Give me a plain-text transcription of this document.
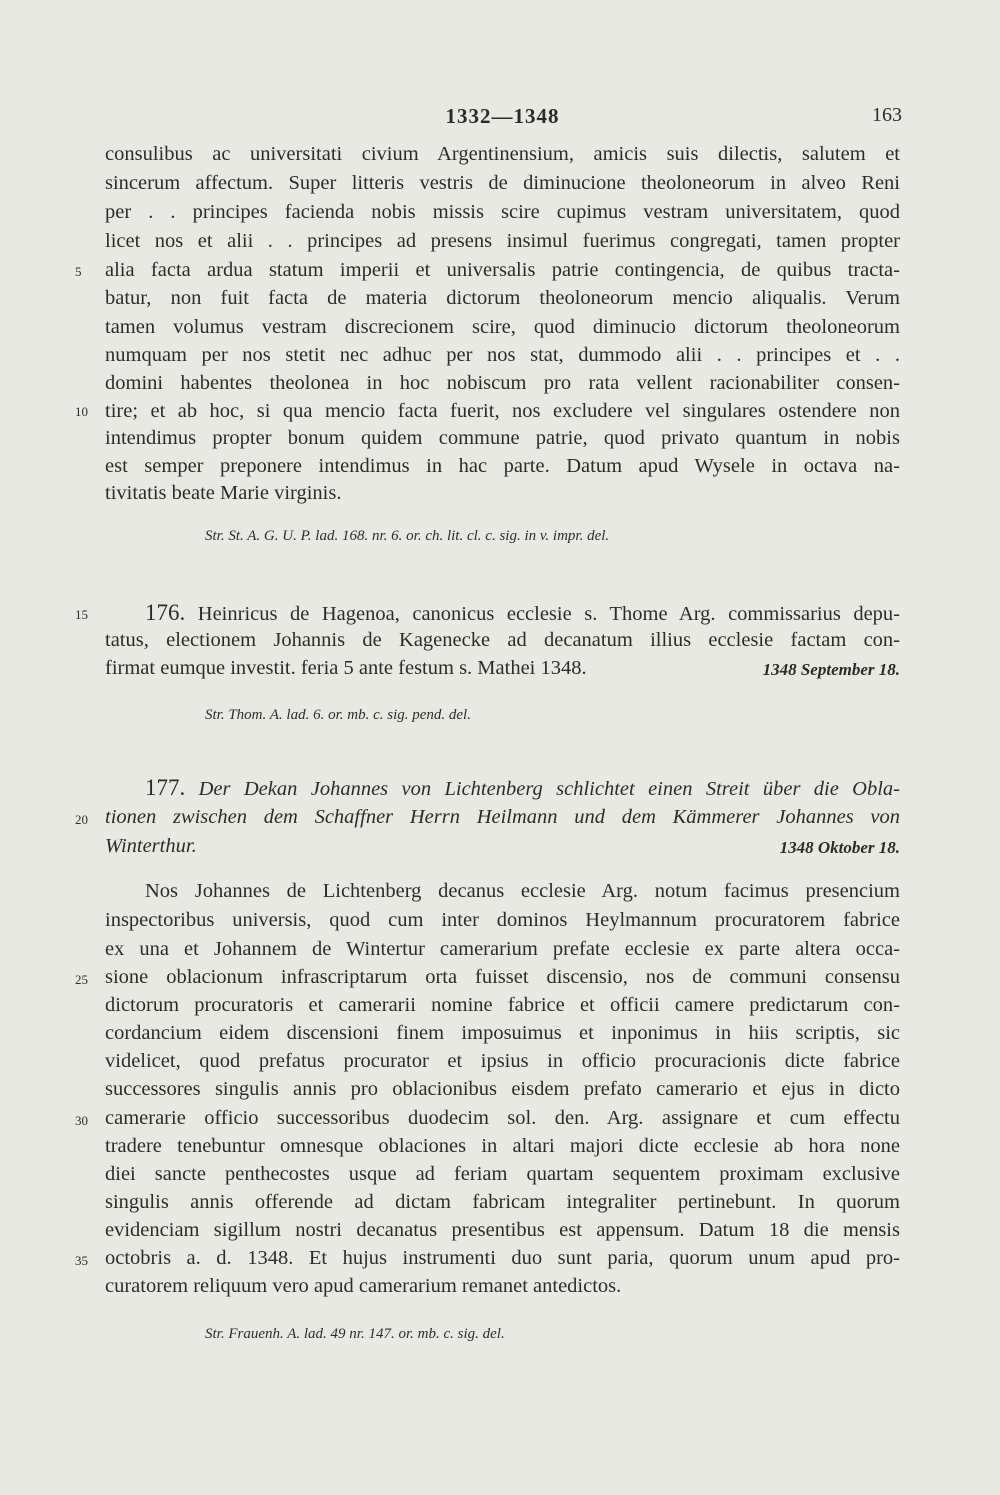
1332—1348	163
consulibus ac universitati civium Argentinensium, amicis suis dilectis, salutem et
sincerum affectum. Super litteris vestris de diminucione theoloneorum in alveo Reni
per . . principes facienda nobis missis scire cupimus vestram universitatem, quod
licet nos et alii . . principes ad presens insimul fuerimus congregati, tamen propter
alia facta ardua statum imperii et universalis patrie contingencia, de quibus tracta-
batur, non fuit facta de materia dictorum theoloneorum mencio aliqualis. Verum
tamen volumus vestram discrecionem scire, quod diminucio dictorum theoloneorum
numquam per nos stetit nec adhuc per nos stat, dummodo alii . . principes et . .
domini habentes theolonea in hoc nobiscum pro rata vellent racionabiliter consen-
tire; et ab hoc, si qua mencio facta fuerit, nos excludere vel singulares ostendere non
intendimus propter bonum quidem commune patrie, quod privato quantum in nobis
est semper preponere intendimus in hac parte. Datum apud Wysele in octava na-
tivitatis beate Marie virginis.
5
10
Str. St. A. G. U. P. lad. 168. nr. 6. or. ch. lit. cl. c. sig. in v. impr. del.
15	176. Heinricus de Hagenoa, canonicus ecclesie s. Thome Arg. commissarius depu-
tatus, electionem Johannis de Kagenecke ad decanatum illius ecclesie factam con-
firmat eumque investit. feria 5 ante festum s. Mathei 1348.	1348 September 18.
Str. Thom. A. lad. 6. or. mb. c. sig. pend. del.
177. Der Dekan Johannes von Lichtenberg schlichtet einen Streit über die Obla-
20 tionen zwischen dem Schaffner Herrn Heilmann und dem Kämmerer Johannes von
Winterthur.	1348 Oktober 18.
Nos Johannes de Lichtenberg decanus ecclesie Arg. notum facimus presencium
inspectoribus universis, quod cum inter dominos Heylmannum procuratorem fabrice
ex una et Johannem de Wintertur camerarium prefate ecclesie ex parte altera occa-
sione oblacionum infrascriptarum orta fuisset discensio, nos de communi consensu
dictorum procuratoris et camerarii nomine fabrice et officii camere predictarum con-
cordancium eidem discensioni finem imposuimus et inponimus in hiis scriptis, sic
videlicet, quod prefatus procurator et ipsius in officio procuracionis dicte fabrice
successores singulis annis pro oblacionibus eisdem prefato camerario et ejus in dicto
camerarie officio successoribus duodecim sol. den. Arg. assignare et cum effectu
tradere tenebuntur omnesque oblaciones in altari majori dicte ecclesie ab hora none
diei sancte penthecostes usque ad feriam quartam sequentem proximam exclusive
singulis annis offerende ad dictam fabricam integraliter pertinebunt. In quorum
evidenciam sigillum nostri decanatus presentibus est appensum. Datum 18 die mensis
octobris a. d. 1348. Et hujus instrumenti duo sunt paria, quorum unum apud pro-
curatorem reliquum vero apud camerarium remanet antedictos.
25
30
35
Str. Frauenh. A. lad. 49 nr. 147. or. mb. c. sig. del.
